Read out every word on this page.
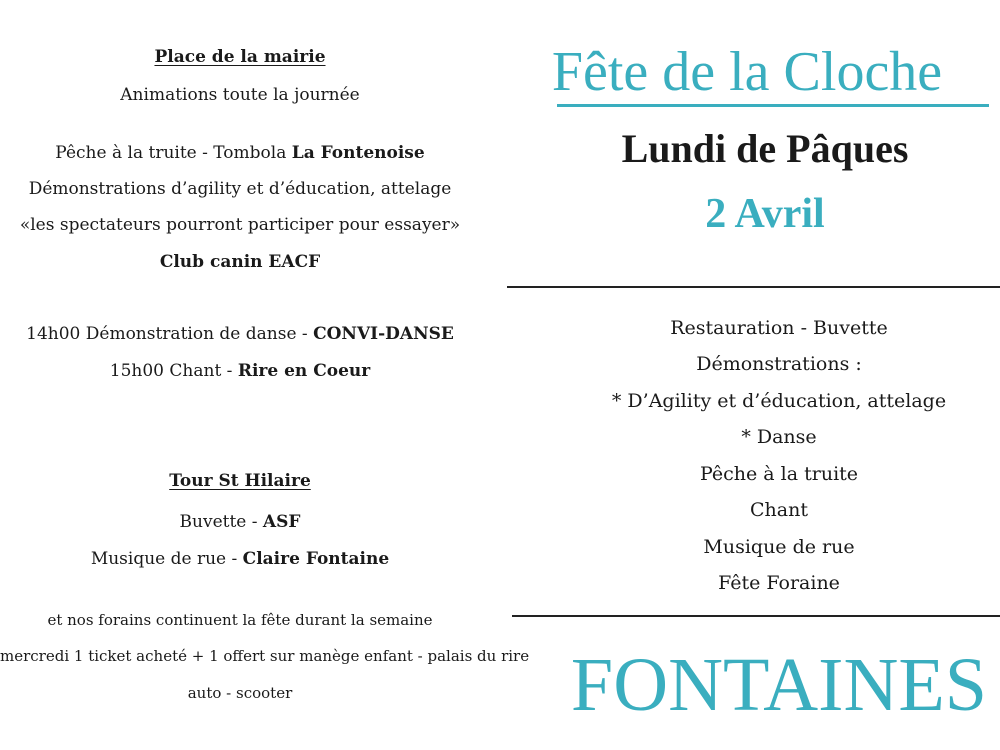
Place de la mairie
Animations toute la journée
Pêche à la truite - Tombola La Fontenoise
Démonstrations d’agility et d’éducation, attelage
«les spectateurs pourront participer pour essayer»
Club canin EACF
14h00 Démonstration de danse - CONVI-DANSE
15h00 Chant - Rire en Coeur
Tour St Hilaire
Buvette - ASF
Musique de rue - Claire Fontaine
et nos forains continuent la fête durant la semaine
mercredi 1 ticket acheté + 1 offert sur manège enfant - palais du rire
auto - scooter
Fête de la Cloche
Lundi de Pâques
2 Avril
Restauration - Buvette
Démonstrations :
* D’Agility et d’éducation, attelage
* Danse
Pêche à la truite
Chant
Musique de rue
Fête Foraine
FONTAINES
